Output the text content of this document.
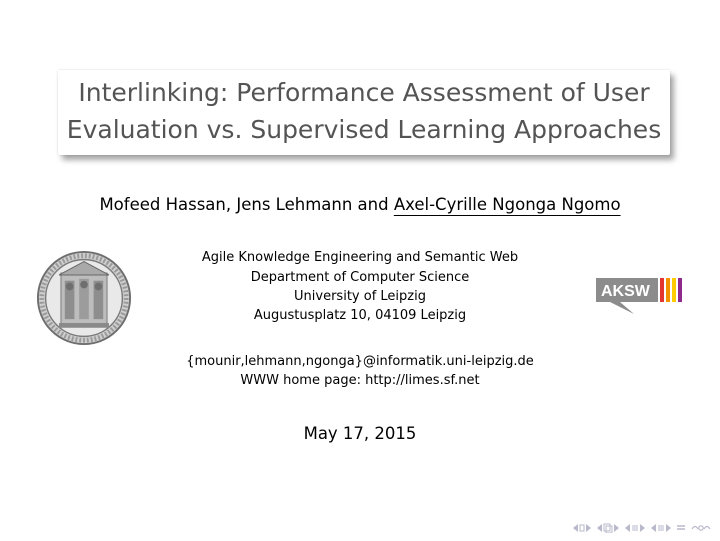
Interlinking: Performance Assessment of User
Evaluation vs. Supervised Learning Approaches
Mofeed Hassan, Jens Lehmann and Axel-Cyrille Ngonga Ngomo
AKSW
Agile Knowledge Engineering and Semantic Web
Department of Computer Science
University of Leipzig
Augustusplatz 10, 04109 Leipzig
{mounir,lehmann,ngonga}@informatik.uni-leipzig.de
WWW home page: http://limes.sf.net
May 17, 2015
